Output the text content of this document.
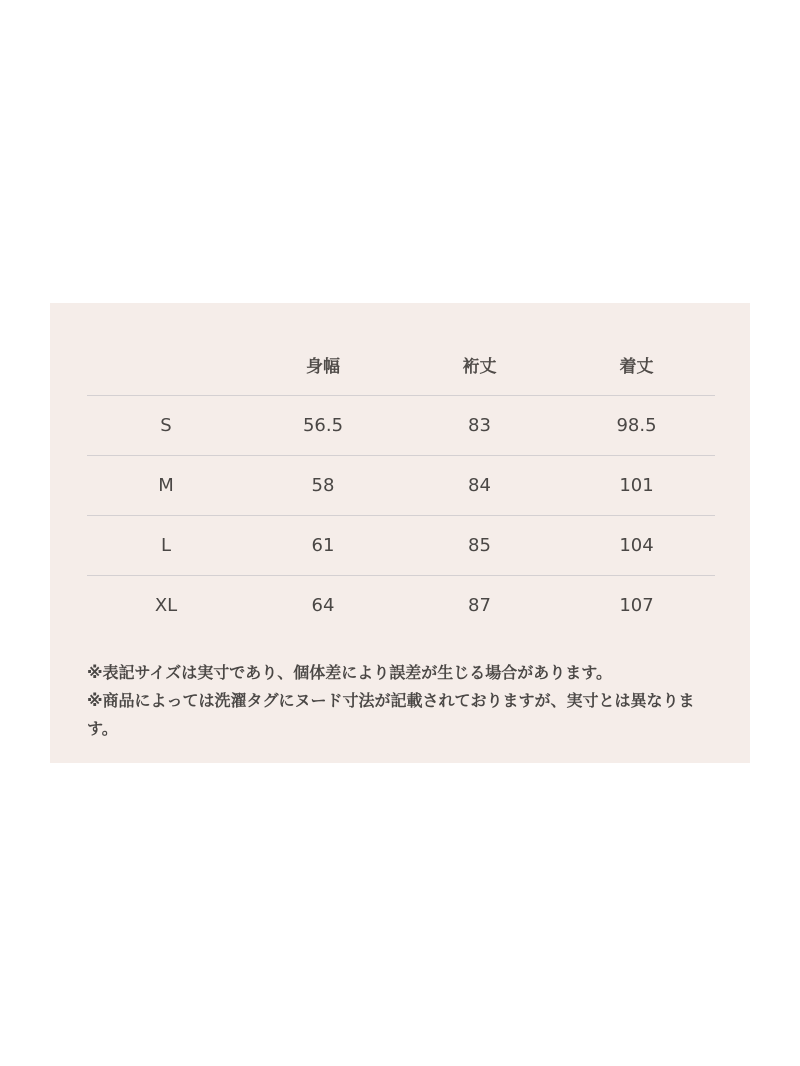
	身幅	裄丈	着丈
S	56.5	83	98.5
M	58	84	101
L	61	85	104
XL	64	87	107

※表記サイズは実寸であり、個体差により誤差が生じる場合があります。

※商品によっては洗濯タグにヌード寸法が記載されておりますが、実寸とは異なります。
